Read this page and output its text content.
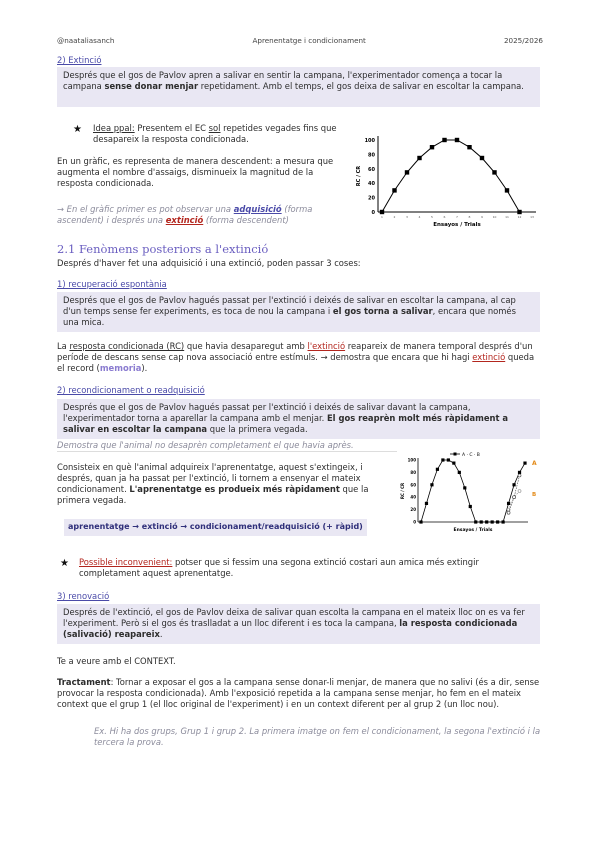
@naataliasanch	Aprenentatge i condicionament	2025/2026
2) Extinció
Després que el gos de Pavlov apren a salivar en sentir la campana, l'experimentador comença a tocar la campana sense donar menjar repetidament. Amb el temps, el gos deixa de salivar en escoltar la campana.
★ Idea ppal: Presentem el EC sol repetides vegades fins que desapareix la resposta condicionada.
En un gràfic, es representa de manera descendent: a mesura que augmenta el nombre d'assaigs, disminueix la magnitud de la resposta condicionada.
→ En el gràfic primer es pot observar una adquisició (forma ascendent) i després una extinció (forma descendent)
0
20
40
60
80
100
1	2	3	4	5	6	7	8	9	10	11	12	13
Ensayos / Trials
RC / CR
2.1 Fenòmens posteriors a l'extinció
Després d'haver fet una adquisició i una extinció, poden passar 3 coses:
1) recuperació espontània
Després que el gos de Pavlov hagués passat per l'extinció i deixés de salivar en escoltar la campana, al cap d'un temps sense fer experiments, es toca de nou la campana i el gos torna a salivar, encara que només una mica.
La resposta condicionada (RC) que havia desaparegut amb l'extinció reapareix de manera temporal després d'un període de descans sense cap nova associació entre estímuls. → demostra que encara que hi hagi extinció queda el record (memoria).
2) recondicionament o readquisició
Després que el gos de Pavlov hagués passat per l'extinció i deixés de salivar davant la campana, l'experimentador torna a aparellar la campana amb el menjar. El gos reaprèn molt més ràpidament a salivar en escoltar la campana que la primera vegada.
Demostra que l'animal no desaprèn completament el que havia après.
Consisteix en què l'animal adquireix l'aprenentatge, aquest s'extingeix, i després, quan ja ha passat per l'extinció, li tornem a ensenyar el mateix condicionament. L'aprenentatge es produeix més ràpidament que la primera vegada.
aprenentatge → extinció → condicionament/readquisició (+ ràpid)	0
20
40
60
80
100
A · C · B
A
B
Ensayos / Trials
RC / CR
★ Possible inconvenient: potser que si fessim una segona extinció costari aun amica més extingir completament aquest aprenentatge.
3) renovació
Després de l'extinció, el gos de Pavlov deixa de salivar quan escolta la campana en el mateix lloc on es va fer l'experiment. Però si el gos és traslladat a un lloc diferent i es toca la campana, la resposta condicionada (salivació) reapareix.
Te a veure amb el CONTEXT.
Tractament: Tornar a exposar el gos a la campana sense donar-li menjar, de manera que no salivi (és a dir, sense provocar la resposta condicionada). Amb l'exposició repetida a la campana sense menjar, ho fem en el mateix context que el grup 1 (el lloc original de l'experiment) i en un context diferent per al grup 2 (un lloc nou).
Ex. Hi ha dos grups, Grup 1 i grup 2. La primera imatge on fem el condicionament, la segona l'extinció i la tercera la prova.
